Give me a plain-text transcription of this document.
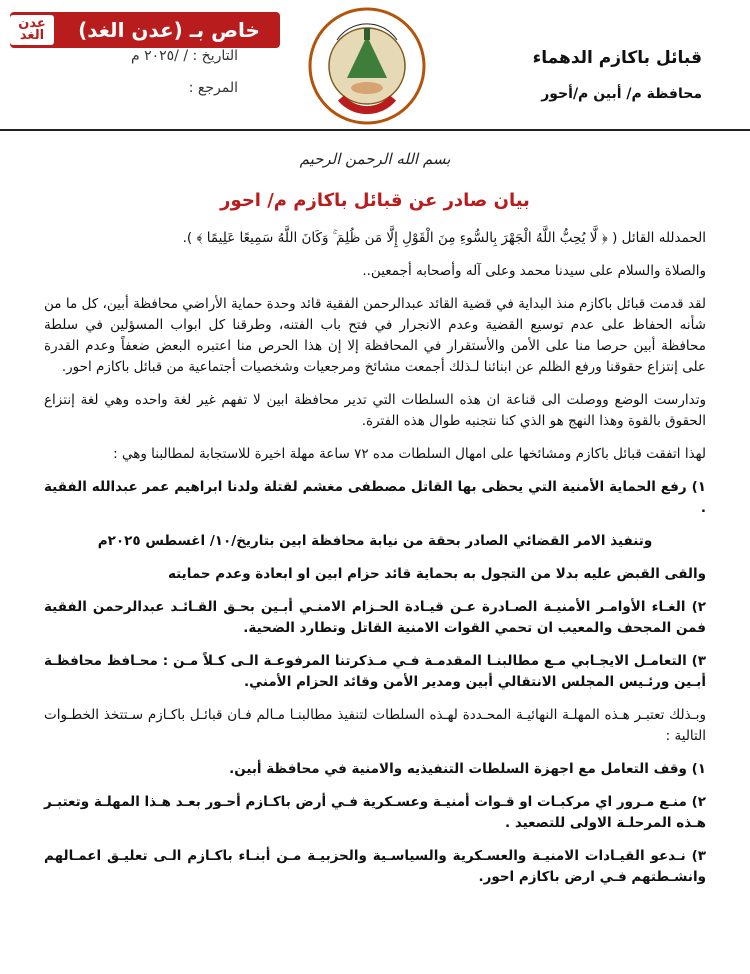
عدن
الغد	خاص بـ (عدن الغد)
قبائل باكازم الدهماء
محافظة م/ أبين م/أحور
التاريخ : / /٢٠٢٥ م
المرجع :
بسم الله الرحمن الرحيم
بيان صادر عن قبائل باكازم م/ احور

الحمدلله القائل ( ﴿ لَّا يُحِبُّ اللَّهُ الْجَهْرَ بِالسُّوءِ مِنَ الْقَوْلِ إِلَّا مَن ظُلِمَ ۚ وَكَانَ اللَّهُ سَمِيعًا عَلِيمًا ﴾ ).

والصلاة والسلام على سيدنا محمد وعلى آله وأصحابه أجمعين..

لقد قدمت قبائل باكازم منذ البداية في قضية القائد عبدالرحمن الفقية قائد وحدة حماية الأراضي محافظة أبين، كل ما من شأنه الحفاظ على عدم توسيع القضية وعدم الانجرار في فتح باب الفتنه، وطرقنا كل ابواب المسؤلين في سلطة محافظة أبين حرصا منا على الأمن والأستقرار في المحافظة إلا إن هذا الحرص منا اعتبره البعض ضعفاً وعدم القدرة على إنتزاع حقوقنا ورفع الظلم عن ابنائنا لـذلك أجمعت مشائخ ومرجعيات وشخصيات أجتماعية من قبائل باكازم احور.

وتدارست الوضع ووصلت الى قناعة ان هذه السلطات التي تدير محافظة ابين لا تفهم غير لغة واحده وهي لغة إنتزاع الحقوق بالقوة وهذا النهج هو الذي كنا نتجنبه طوال هذه الفترة.

لهذا اتفقت قبائل باكازم ومشائخها على امهال السلطات مده ٧٢ ساعة مهلة اخيرة للاستجابة لمطالبنا وهي :

١) رفع الحماية الأمنية التي يحظى بها القاتل مصطفى مغشم لقتلة ولدنا ابراهيم عمر عبدالله الفقية .

وتنفيذ الامر القضائي الصادر بحقة من نيابة محافظة ابين بتاريخ/١٠/ اغسطس ٢٠٢٥م

والقى القبض عليه بدلا من التجول به بحماية قائد حزام ابين او ابعادة وعدم حمايته

٢) الغـاء الأوامـر الأمنيـة الصـادرة عـن قيـادة الحـزام الامنـي أبـين بحـق القـائـد عبدالرحمن الفقية فمن المجحف والمعيب ان تحمي القوات الامنية القاتل وتطارد الضحية.

٣) التعامـل الايجـابي مـع مطالبنـا المقدمـة فـي مـذكرتنا المرفوعـة الـى كـلاً مـن : محـافظ محافظـة أبـين ورئـيس المجلس الانتقالي أبين ومدير الأمن وقائد الحزام الأمني.

وبـذلك تعتبـر هـذه المهلـة النهائيـة المحـددة لهـذه السلطات لتنفيذ مطالبنـا مـالم فـان قبائـل باكـازم سـتتخذ الخطـوات التالية :

١) وقف التعامل مع اجهزة السلطات التنفيذيه والامنية في محافظة أبين.

٢) منـع مـرور اي مركبـات او قـوات أمنيـة وعسـكرية فـي أرض باكـازم أحـور بعـد هـذا المهلـة وتعتبـر هـذه المرحلـة الاولى للتصعيد .

٣) نـدعو القيـادات الامنيـة والعسـكرية والسياسـية والحزبيـة مـن أبنـاء باكـازم الـى تعليـق اعمـالهم وانشـطتهم فـي ارض باكازم احور.
